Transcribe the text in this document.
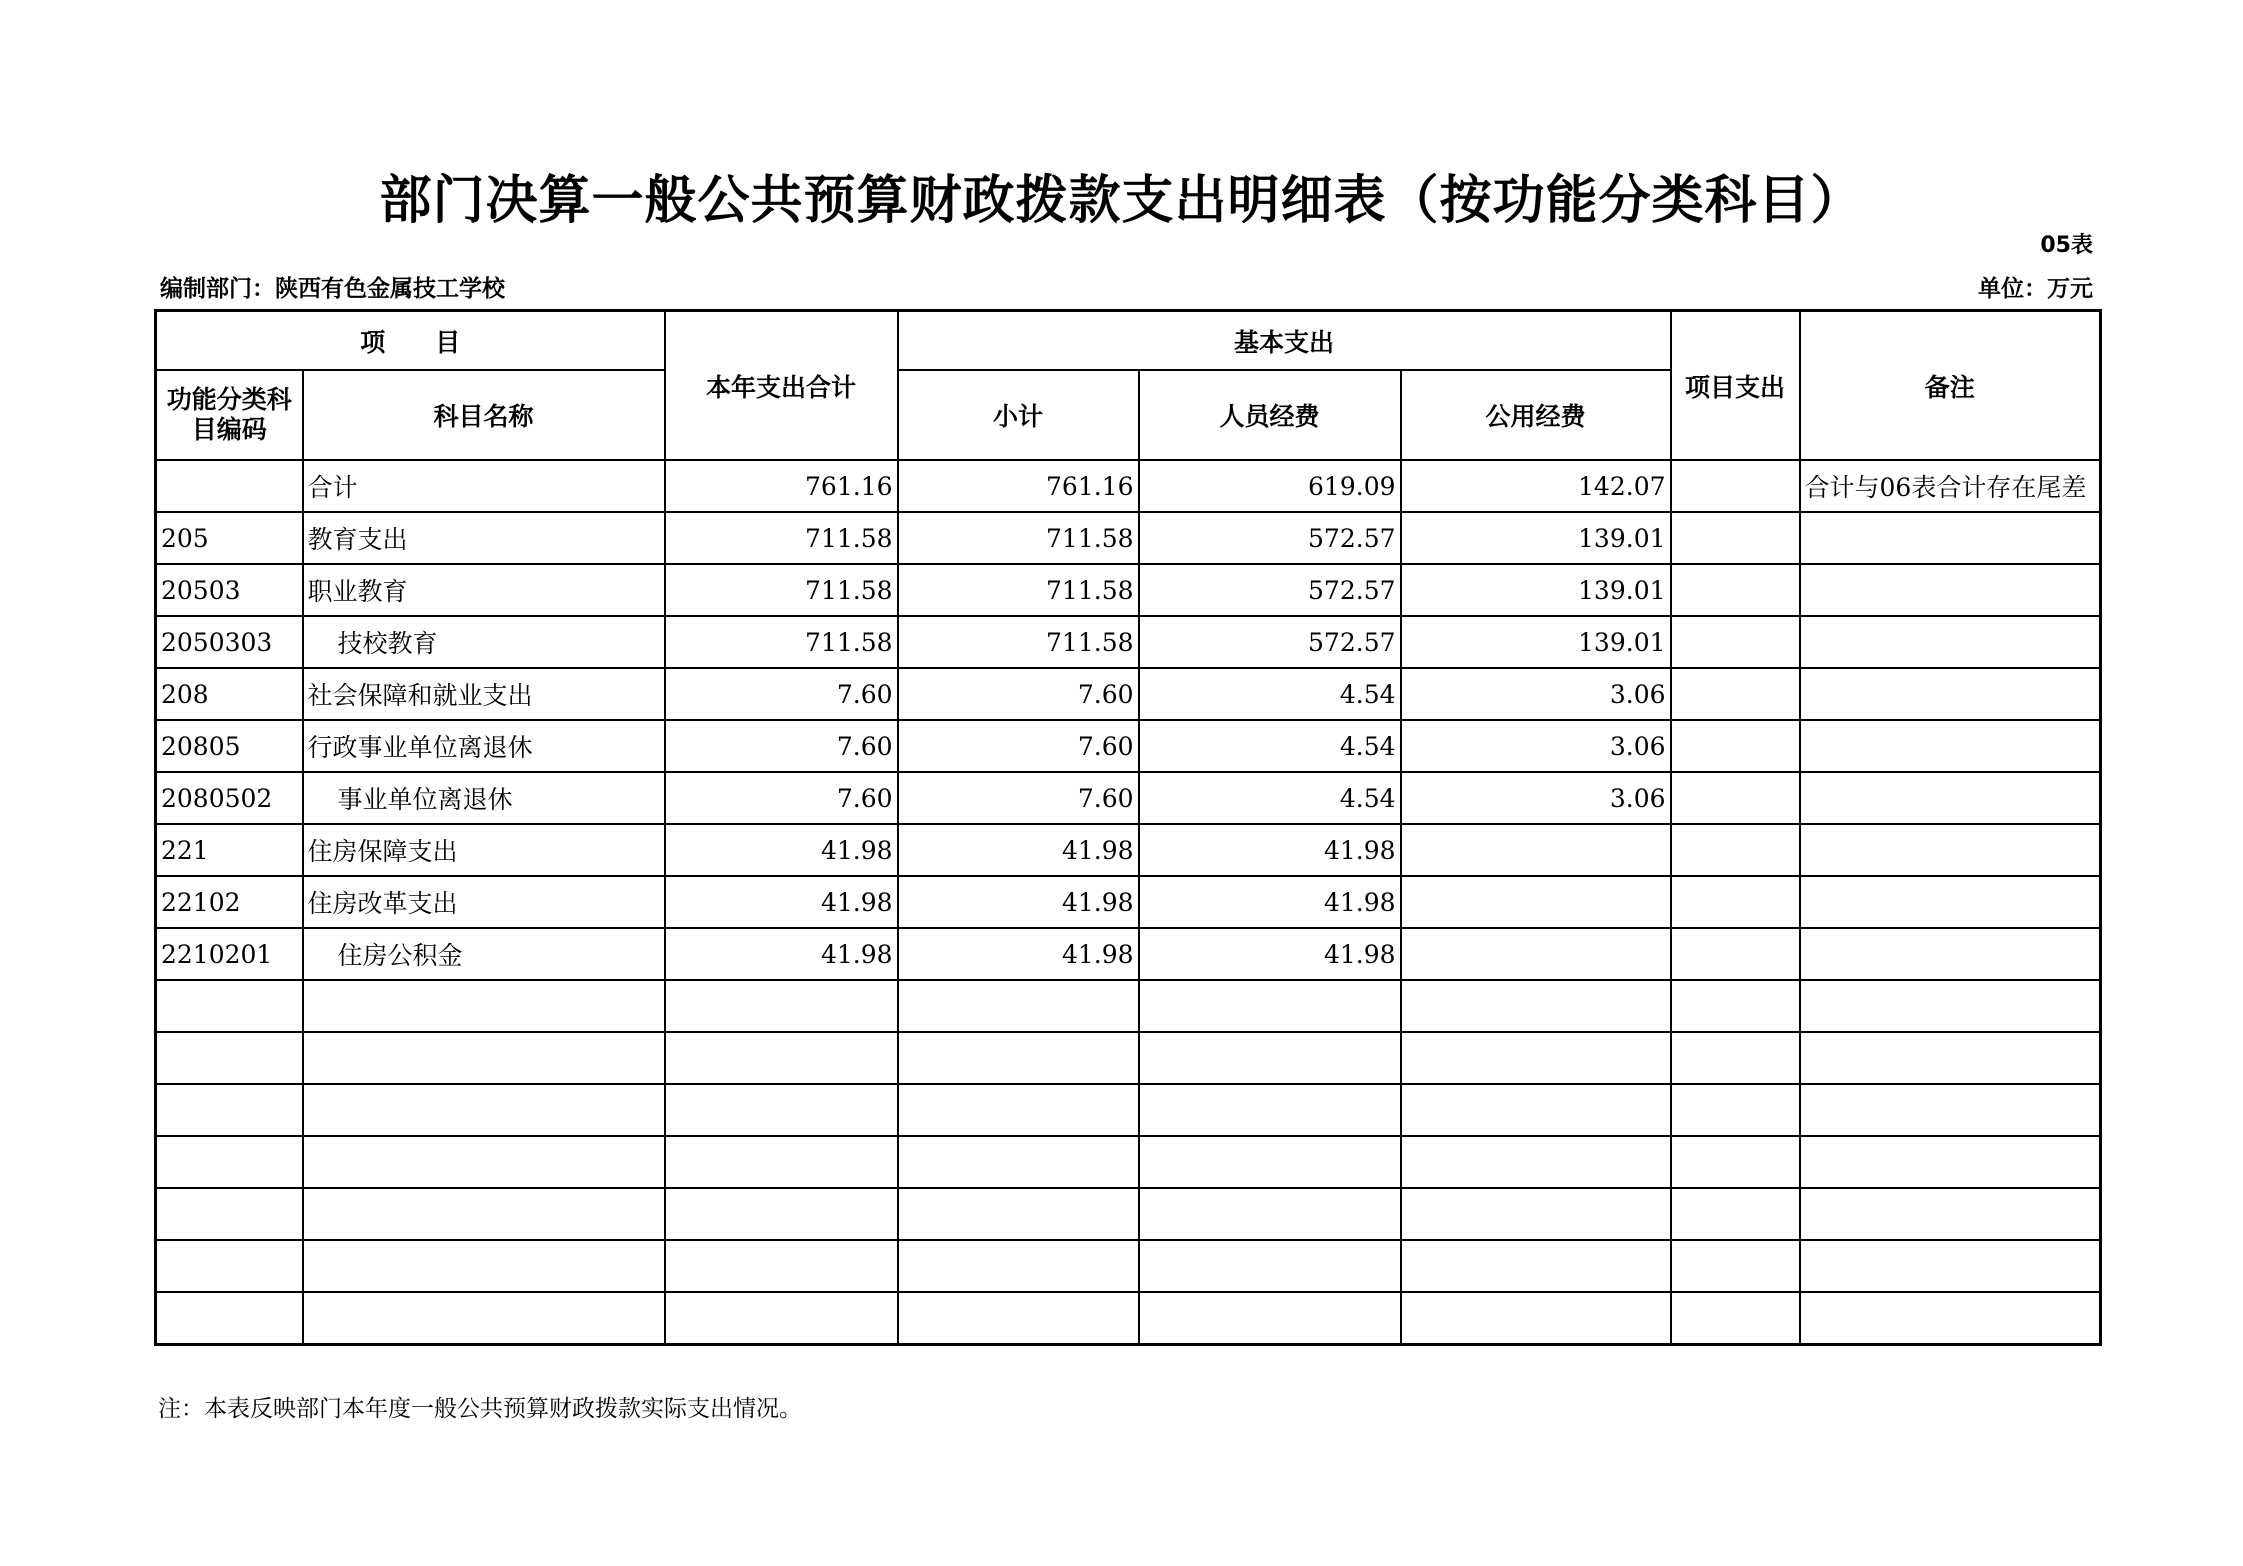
部门决算一般公共预算财政拨款支出明细表（按功能分类科目）
05表
编制部门：陕西有色金属技工学校	单位：万元
项　　目		本年支出合计	基本支出			项目支出	备注
功能分类科目编码	科目名称		小计	人员经费	公用经费		
	合计	761.16	761.16	619.09	142.07		合计与06表合计存在尾差
205	教育支出	711.58	711.58	572.57	139.01		
20503	职业教育	711.58	711.58	572.57	139.01		
2050303	技校教育	711.58	711.58	572.57	139.01		
208	社会保障和就业支出	7.60	7.60	4.54	3.06		
20805	行政事业单位离退休	7.60	7.60	4.54	3.06		
2080502	事业单位离退休	7.60	7.60	4.54	3.06		
221	住房保障支出	41.98	41.98	41.98			
22102	住房改革支出	41.98	41.98	41.98			
2210201	住房公积金	41.98	41.98	41.98			

注：本表反映部门本年度一般公共预算财政拨款实际支出情况。
